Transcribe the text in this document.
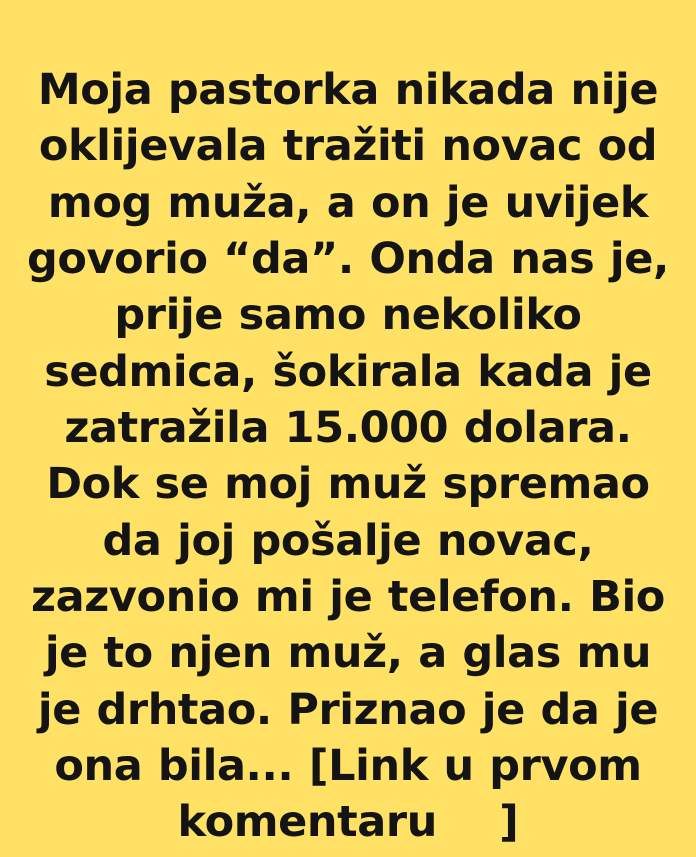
Moja pastorka nikada nije oklijevala tražiti novac od mog muža, a on je uvijek govorio “da”. Onda nas je, prije samo nekoliko sedmica, šokirala kada je zatražila 15.000 dolara. Dok se moj muž spremao da joj pošalje novac, zazvonio mi je telefon. Bio je to njen muž, a glas mu je drhtao. Priznao je da je ona bila... [Link u prvom komentaru    ]
